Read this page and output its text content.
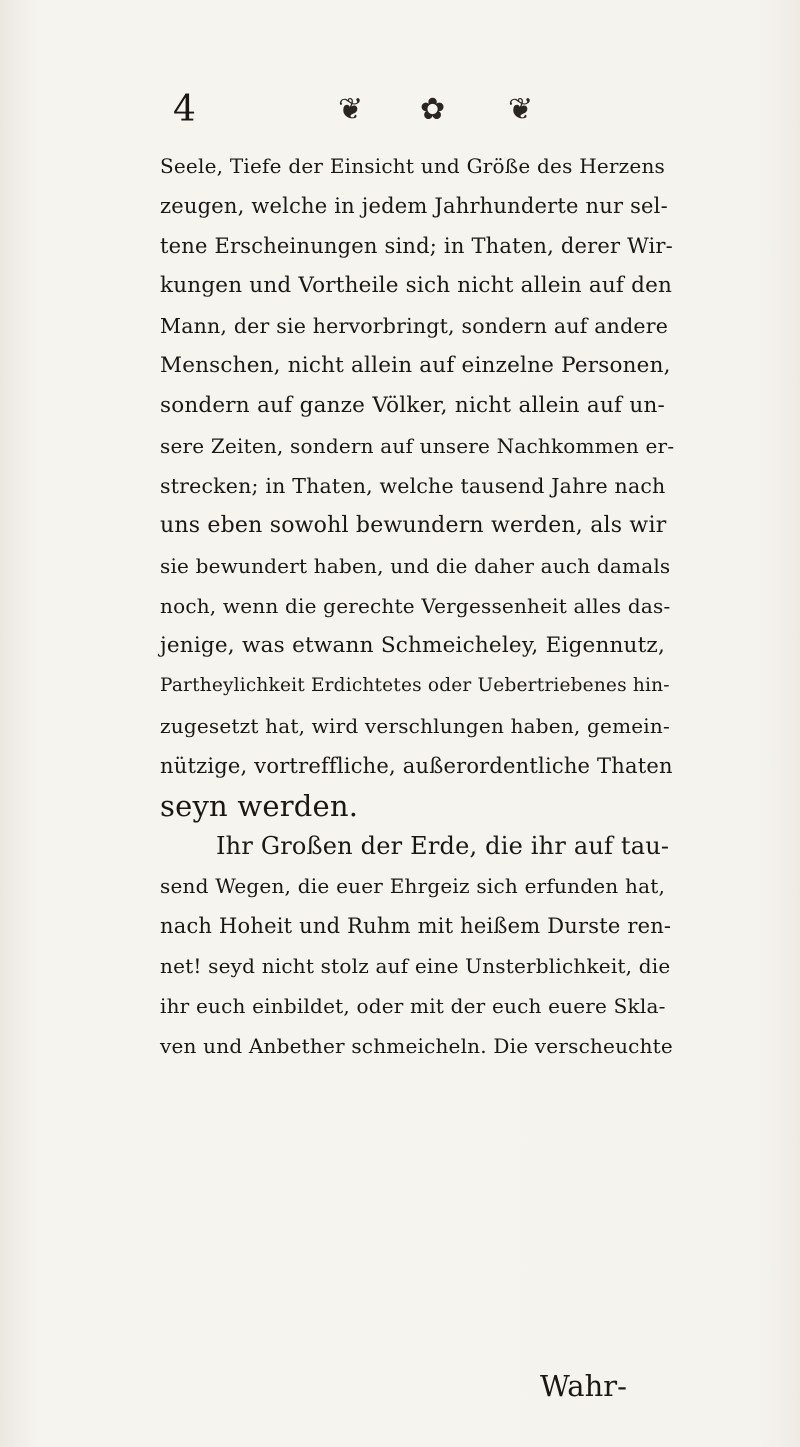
4	❦ ✿ ❦
Seele, Tiefe der Einsicht und Größe des Herzens
zeugen, welche in jedem Jahrhunderte nur sel-
tene Erscheinungen sind; in Thaten, derer Wir-
kungen und Vortheile sich nicht allein auf den
Mann, der sie hervorbringt, sondern auf andere
Menschen, nicht allein auf einzelne Personen,
sondern auf ganze Völker, nicht allein auf un-
sere Zeiten, sondern auf unsere Nachkommen er-
strecken; in Thaten, welche tausend Jahre nach
uns eben sowohl bewundern werden, als wir
sie bewundert haben, und die daher auch damals
noch, wenn die gerechte Vergessenheit alles das-
jenige, was etwann Schmeicheley, Eigennutz,
Partheylichkeit Erdichtetes oder Uebertriebenes hin-
zugesetzt hat, wird verschlungen haben, gemein-
nützige, vortreffliche, außerordentliche Thaten
seyn werden.
Ihr Großen der Erde, die ihr auf tau-
send Wegen, die euer Ehrgeiz sich erfunden hat,
nach Hoheit und Ruhm mit heißem Durste ren-
net! seyd nicht stolz auf eine Unsterblichkeit, die
ihr euch einbildet, oder mit der euch euere Skla-
ven und Anbether schmeicheln. Die verscheuchte
Wahr-
